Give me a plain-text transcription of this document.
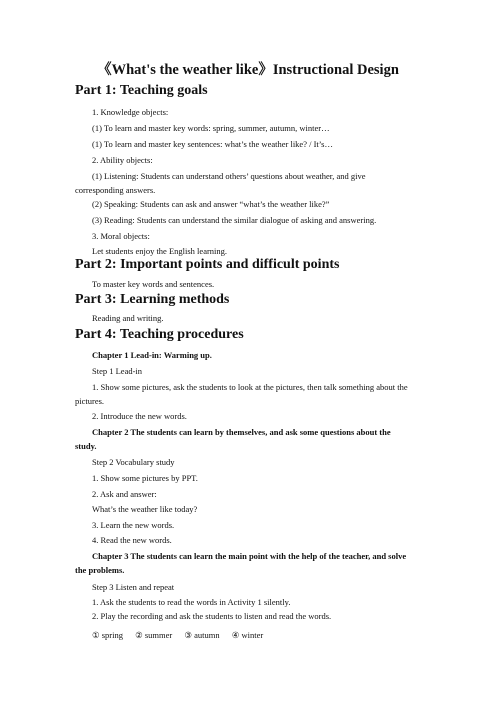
《What's the weather like》Instructional Design
Part 1: Teaching goals
1. Knowledge objects:
(1) To learn and master key words: spring, summer, autumn, winter…
(1) To learn and master key sentences: what’s the weather like? / It’s…
2. Ability objects:
(1) Listening: Students can understand others’ questions about weather, and give
corresponding answers.
(2) Speaking: Students can ask and answer “what’s the weather like?”
(3) Reading: Students can understand the similar dialogue of asking and answering.
3. Moral objects:
Let students enjoy the English learning.
Part 2: Important points and difficult points
To master key words and sentences.
Part 3: Learning methods
Reading and writing.
Part 4: Teaching procedures
Chapter 1 Lead-in: Warming up.
Step 1 Lead-in
1. Show some pictures, ask the students to look at the pictures, then talk something about the
pictures.
2. Introduce the new words.
Chapter 2 The students can learn by themselves, and ask some questions about the
study.
Step 2 Vocabulary study
1. Show some pictures by PPT.
2. Ask and answer:
What’s the weather like today?
3. Learn the new words.
4. Read the new words.
Chapter 3 The students can learn the main point with the help of the teacher, and solve
the problems.
Step 3 Listen and repeat
1. Ask the students to read the words in Activity 1 silently.
2. Play the recording and ask the students to listen and read the words.
① spring ② summer ③ autumn ④ winter
